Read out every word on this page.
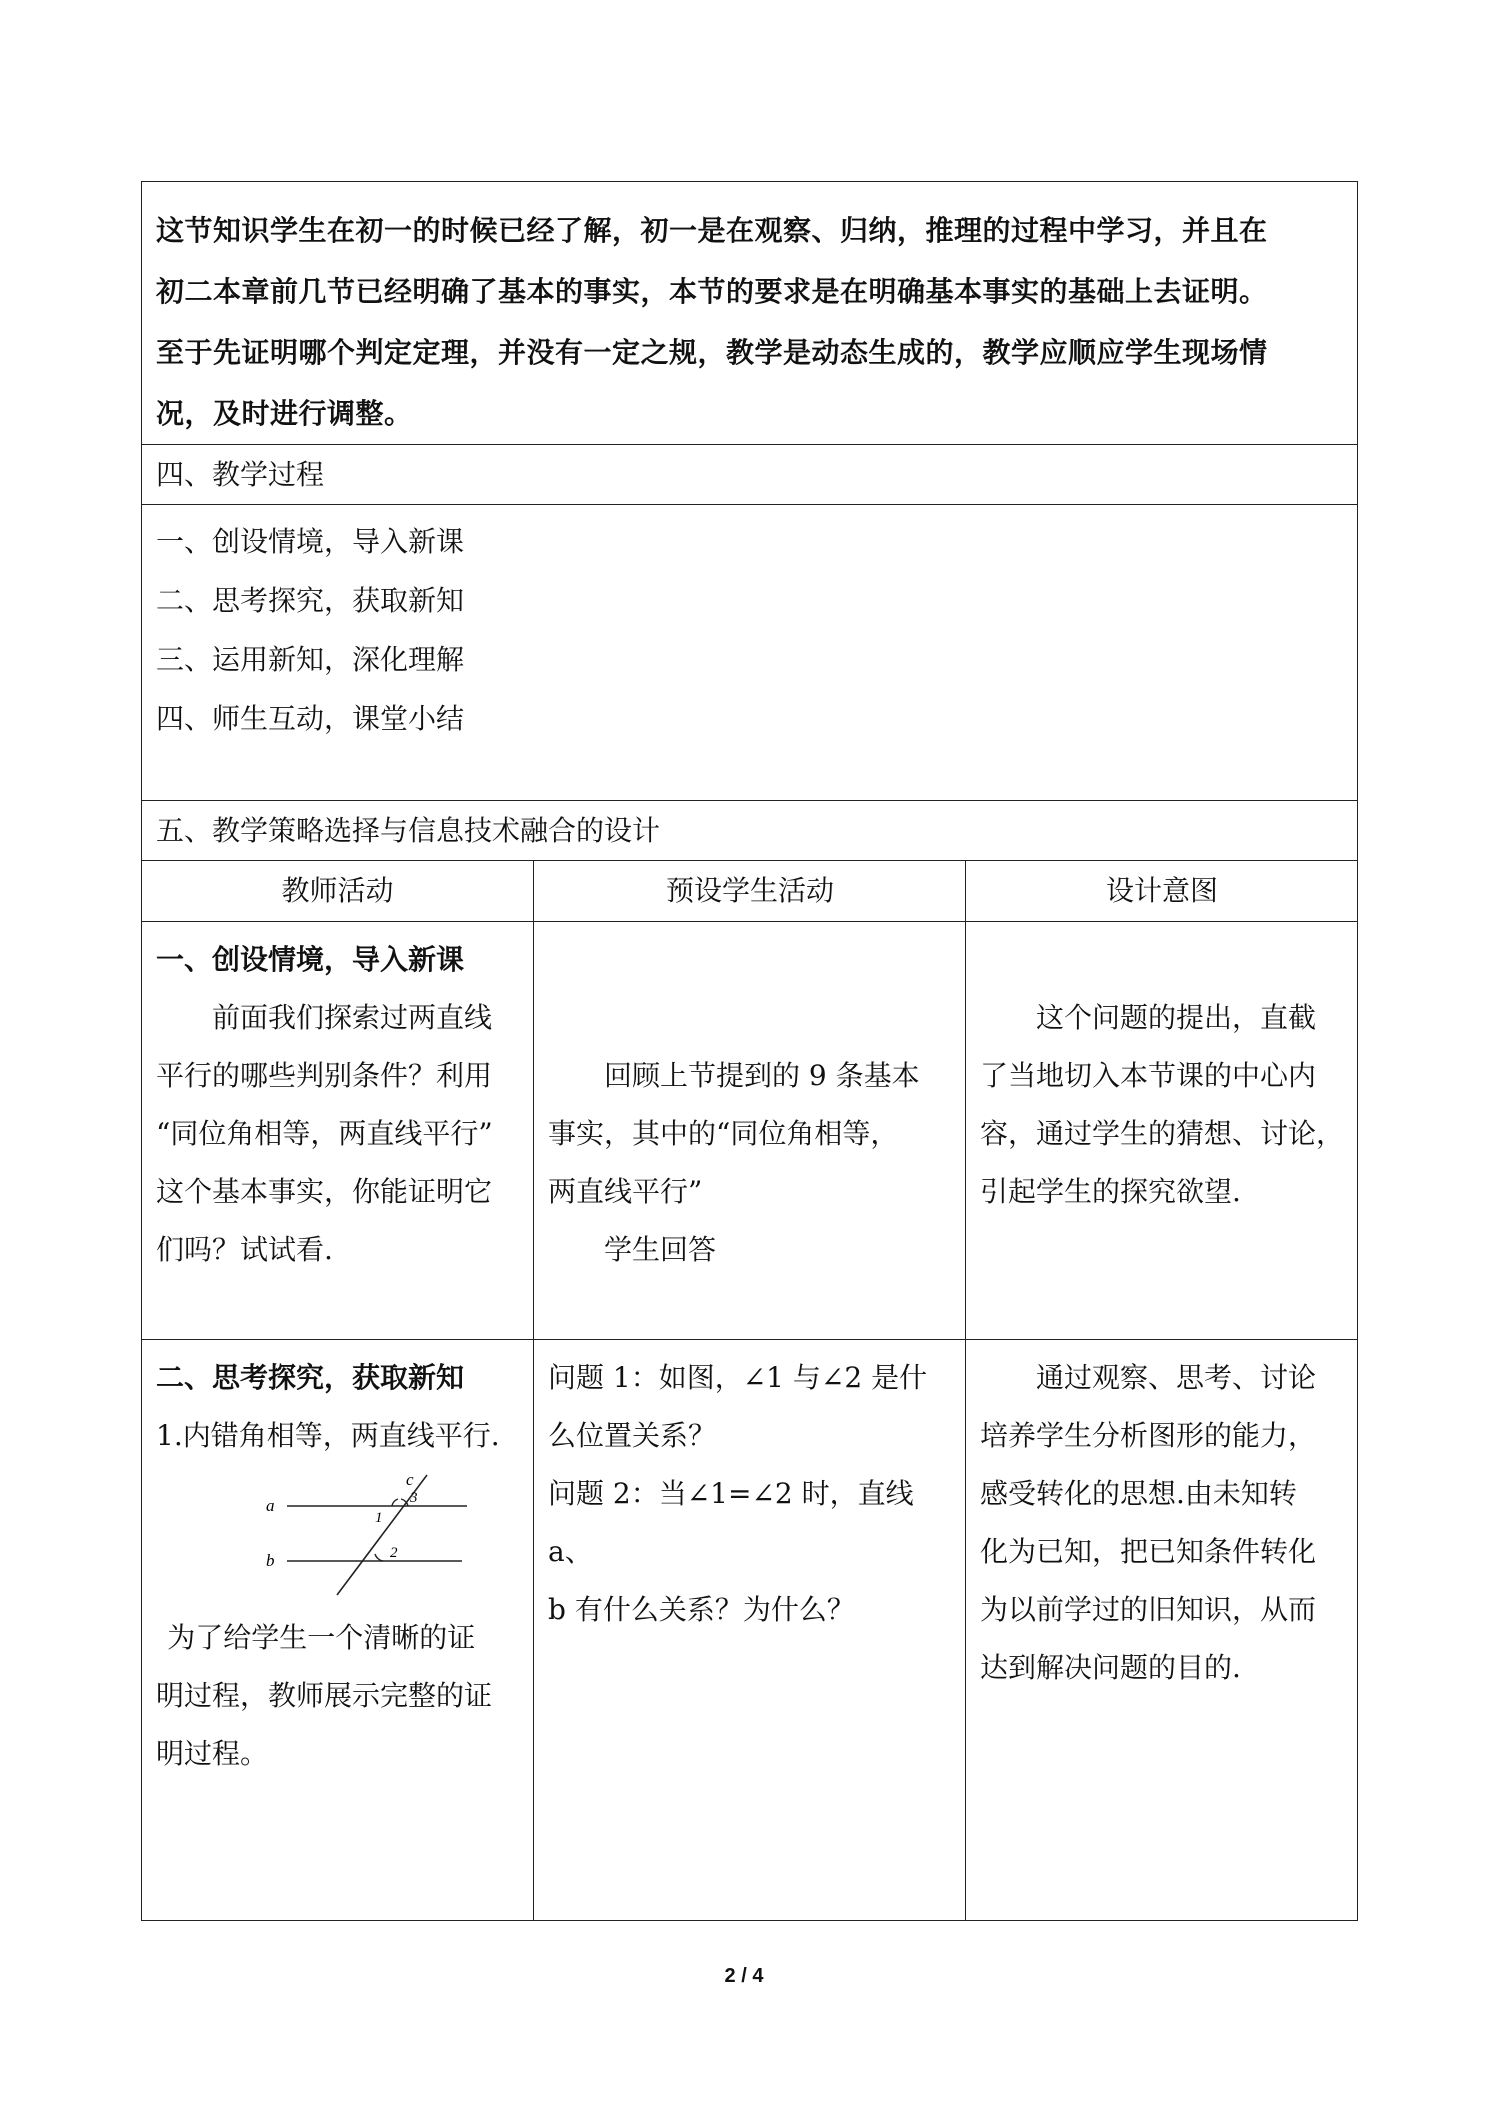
这节知识学生在初一的时候已经了解，初一是在观察、归纳，推理的过程中学习，并且在

初二本章前几节已经明确了基本的事实，本节的要求是在明确基本事实的基础上去证明。

至于先证明哪个判定定理，并没有一定之规，教学是动态生成的，教学应顺应学生现场情

况，及时进行调整。

四、教学过程
一、创设情境，导入新课
二、思考探究，获取新知
三、运用新知，深化理解
四、师生互动，课堂小结
五、教学策略选择与信息技术融合的设计
教师活动	预设学生活动	设计意图

一、创设情境，导入新课

前面我们探索过两直线

平行的哪些判别条件？利用

“同位角相等，两直线平行”

这个基本事实，你能证明它

们吗？试试看.

回顾上节提到的 9 条基本

事实，其中的“同位角相等，

两直线平行”

学生回答

这个问题的提出，直截

了当地切入本节课的中心内

容，通过学生的猜想、讨论，

引起学生的探究欲望.

二、思考探究，获取新知

1.内错角相等，两直线平行.

c
a
b
1
3
2

为了给学生一个清晰的证

明过程，教师展示完整的证

明过程。

问题 1：如图，∠1 与∠2 是什

么位置关系？

问题 2：当∠1=∠2 时，直线 a、

b 有什么关系？为什么？

通过观察、思考、讨论

培养学生分析图形的能力，

感受转化的思想.由未知转

化为已知，把已知条件转化

为以前学过的旧知识，从而

达到解决问题的目的.

2 / 4
